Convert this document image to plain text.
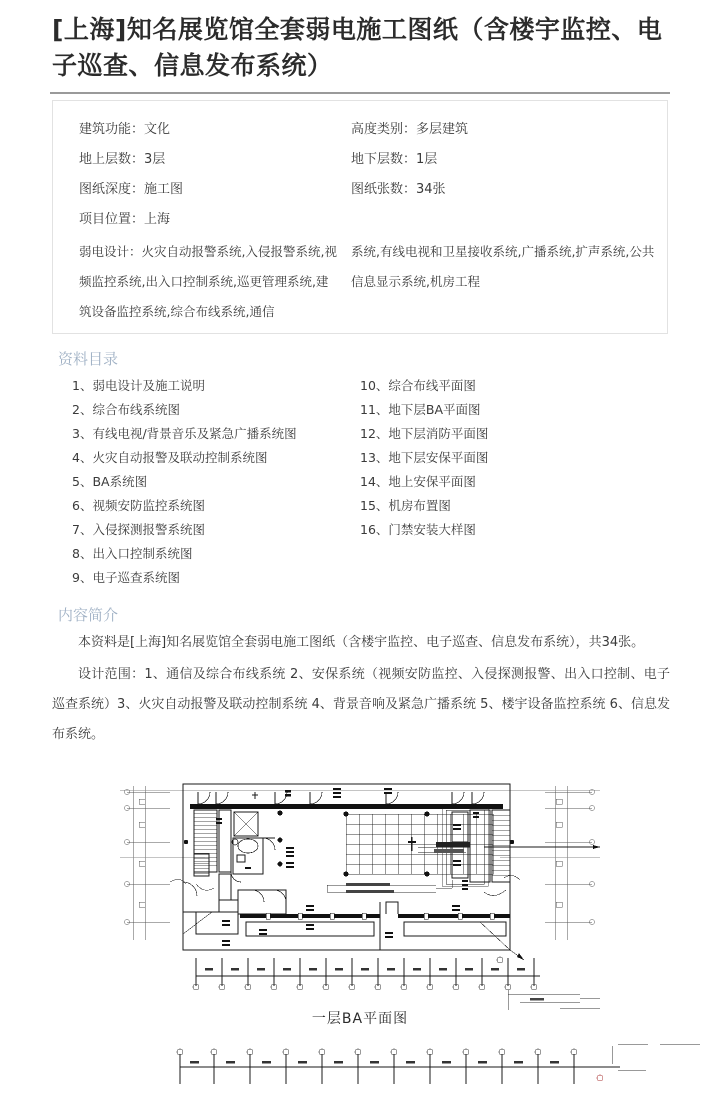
[上海]知名展览馆全套弱电施工图纸（含楼宇监控、电子巡查、信息发布系统）
建筑功能：文化	高度类别：多层建筑
地上层数：3层	地下层数：1层
图纸深度：施工图	图纸张数：34张
项目位置：上海
弱电设计：火灾自动报警系统,入侵报警系统,视频监控系统,出入口控制系统,巡更管理系统,建筑设备监控系统,综合布线系统,通信
系统,有线电视和卫星接收系统,广播系统,扩声系统,公共信息显示系统,机房工程
资料目录
1、弱电设计及施工说明
2、综合布线系统图
3、有线电视/背景音乐及紧急广播系统图
4、火灾自动报警及联动控制系统图
5、BA系统图
6、视频安防监控系统图
7、入侵探测报警系统图
8、出入口控制系统图
9、电子巡查系统图
10、综合布线平面图
11、地下层BA平面图
12、地下层消防平面图
13、地下层安保平面图
14、地上安保平面图
15、机房布置图
16、门禁安装大样图
内容简介

本资料是[上海]知名展览馆全套弱电施工图纸（含楼宇监控、电子巡查、信息发布系统），共34张。

设计范围：1、通信及综合布线系统 2、安保系统（视频安防监控、入侵探测报警、出入口控制、电子巡查系统）3、火灾自动报警及联动控制系统 4、背景音响及紧急广播系统 5、楼宇设备监控系统 6、信息发布系统。

一层BA平面图
